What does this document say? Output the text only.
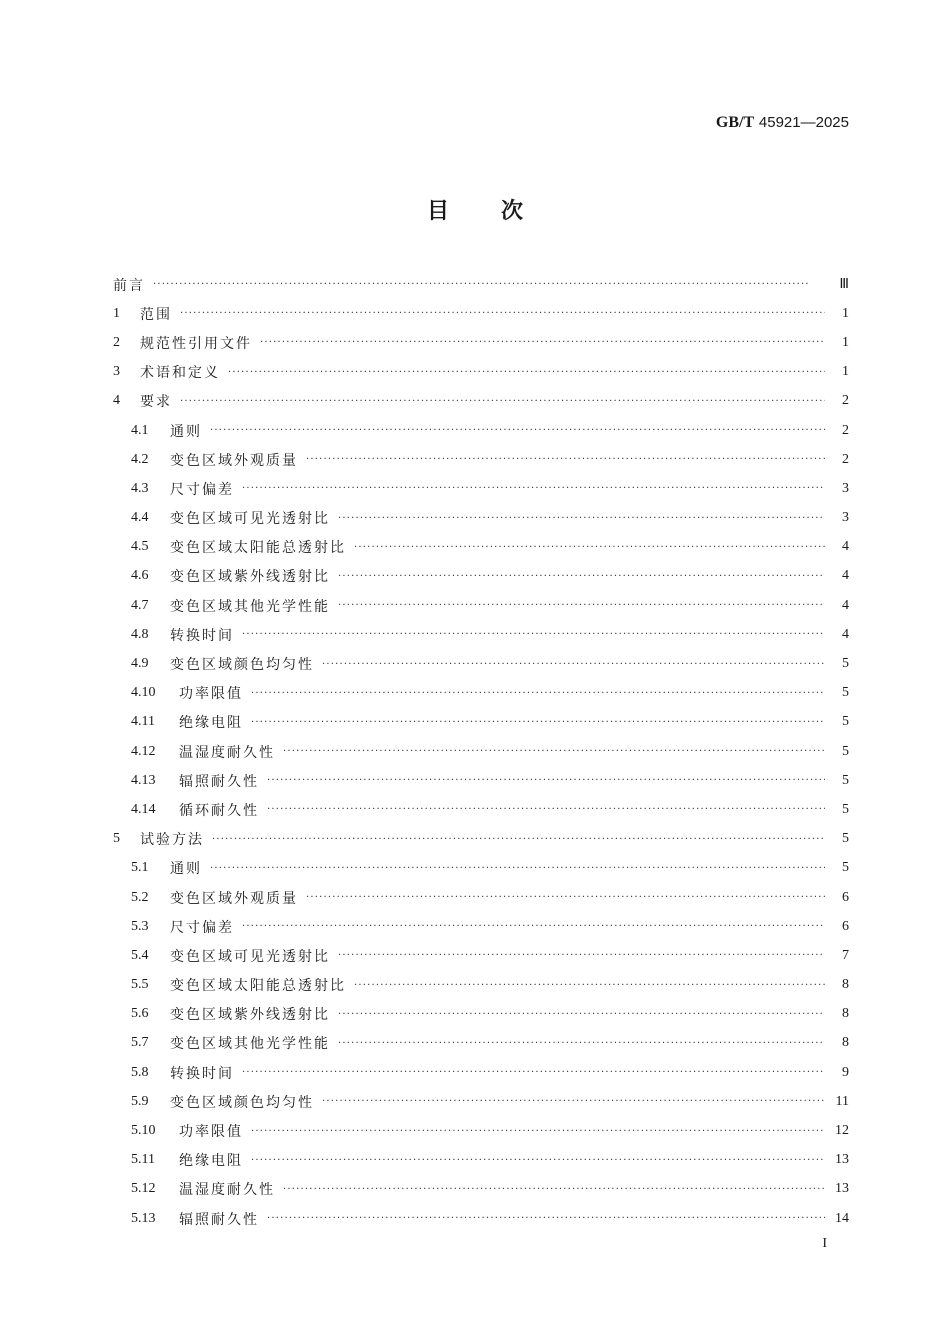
GB/T 45921—2025
目次
前言 ·····	Ⅲ
1	范围 ·····	1
2	规范性引用文件 ·····	1
3	术语和定义 ·····	1
4	要求 ·····	2
4.1	通则 ·····	2
4.2	变色区域外观质量 ·····	2
4.3	尺寸偏差 ·····	3
4.4	变色区域可见光透射比 ·····	3
4.5	变色区域太阳能总透射比 ·····	4
4.6	变色区域紫外线透射比 ·····	4
4.7	变色区域其他光学性能 ·····	4
4.8	转换时间 ·····	4
4.9	变色区域颜色均匀性 ·····	5
4.10	功率限值 ·····	5
4.11	绝缘电阻 ·····	5
4.12	温湿度耐久性 ·····	5
4.13	辐照耐久性 ·····	5
4.14	循环耐久性 ·····	5
5	试验方法 ·····	5
5.1	通则 ·····	5
5.2	变色区域外观质量 ·····	6
5.3	尺寸偏差 ·····	6
5.4	变色区域可见光透射比 ·····	7
5.5	变色区域太阳能总透射比 ·····	8
5.6	变色区域紫外线透射比 ·····	8
5.7	变色区域其他光学性能 ·····	8
5.8	转换时间 ·····	9
5.9	变色区域颜色均匀性 ·····	11
5.10	功率限值 ·····	12
5.11	绝缘电阻 ·····	13
5.12	温湿度耐久性 ·····	13
5.13	辐照耐久性 ·····	14
I
